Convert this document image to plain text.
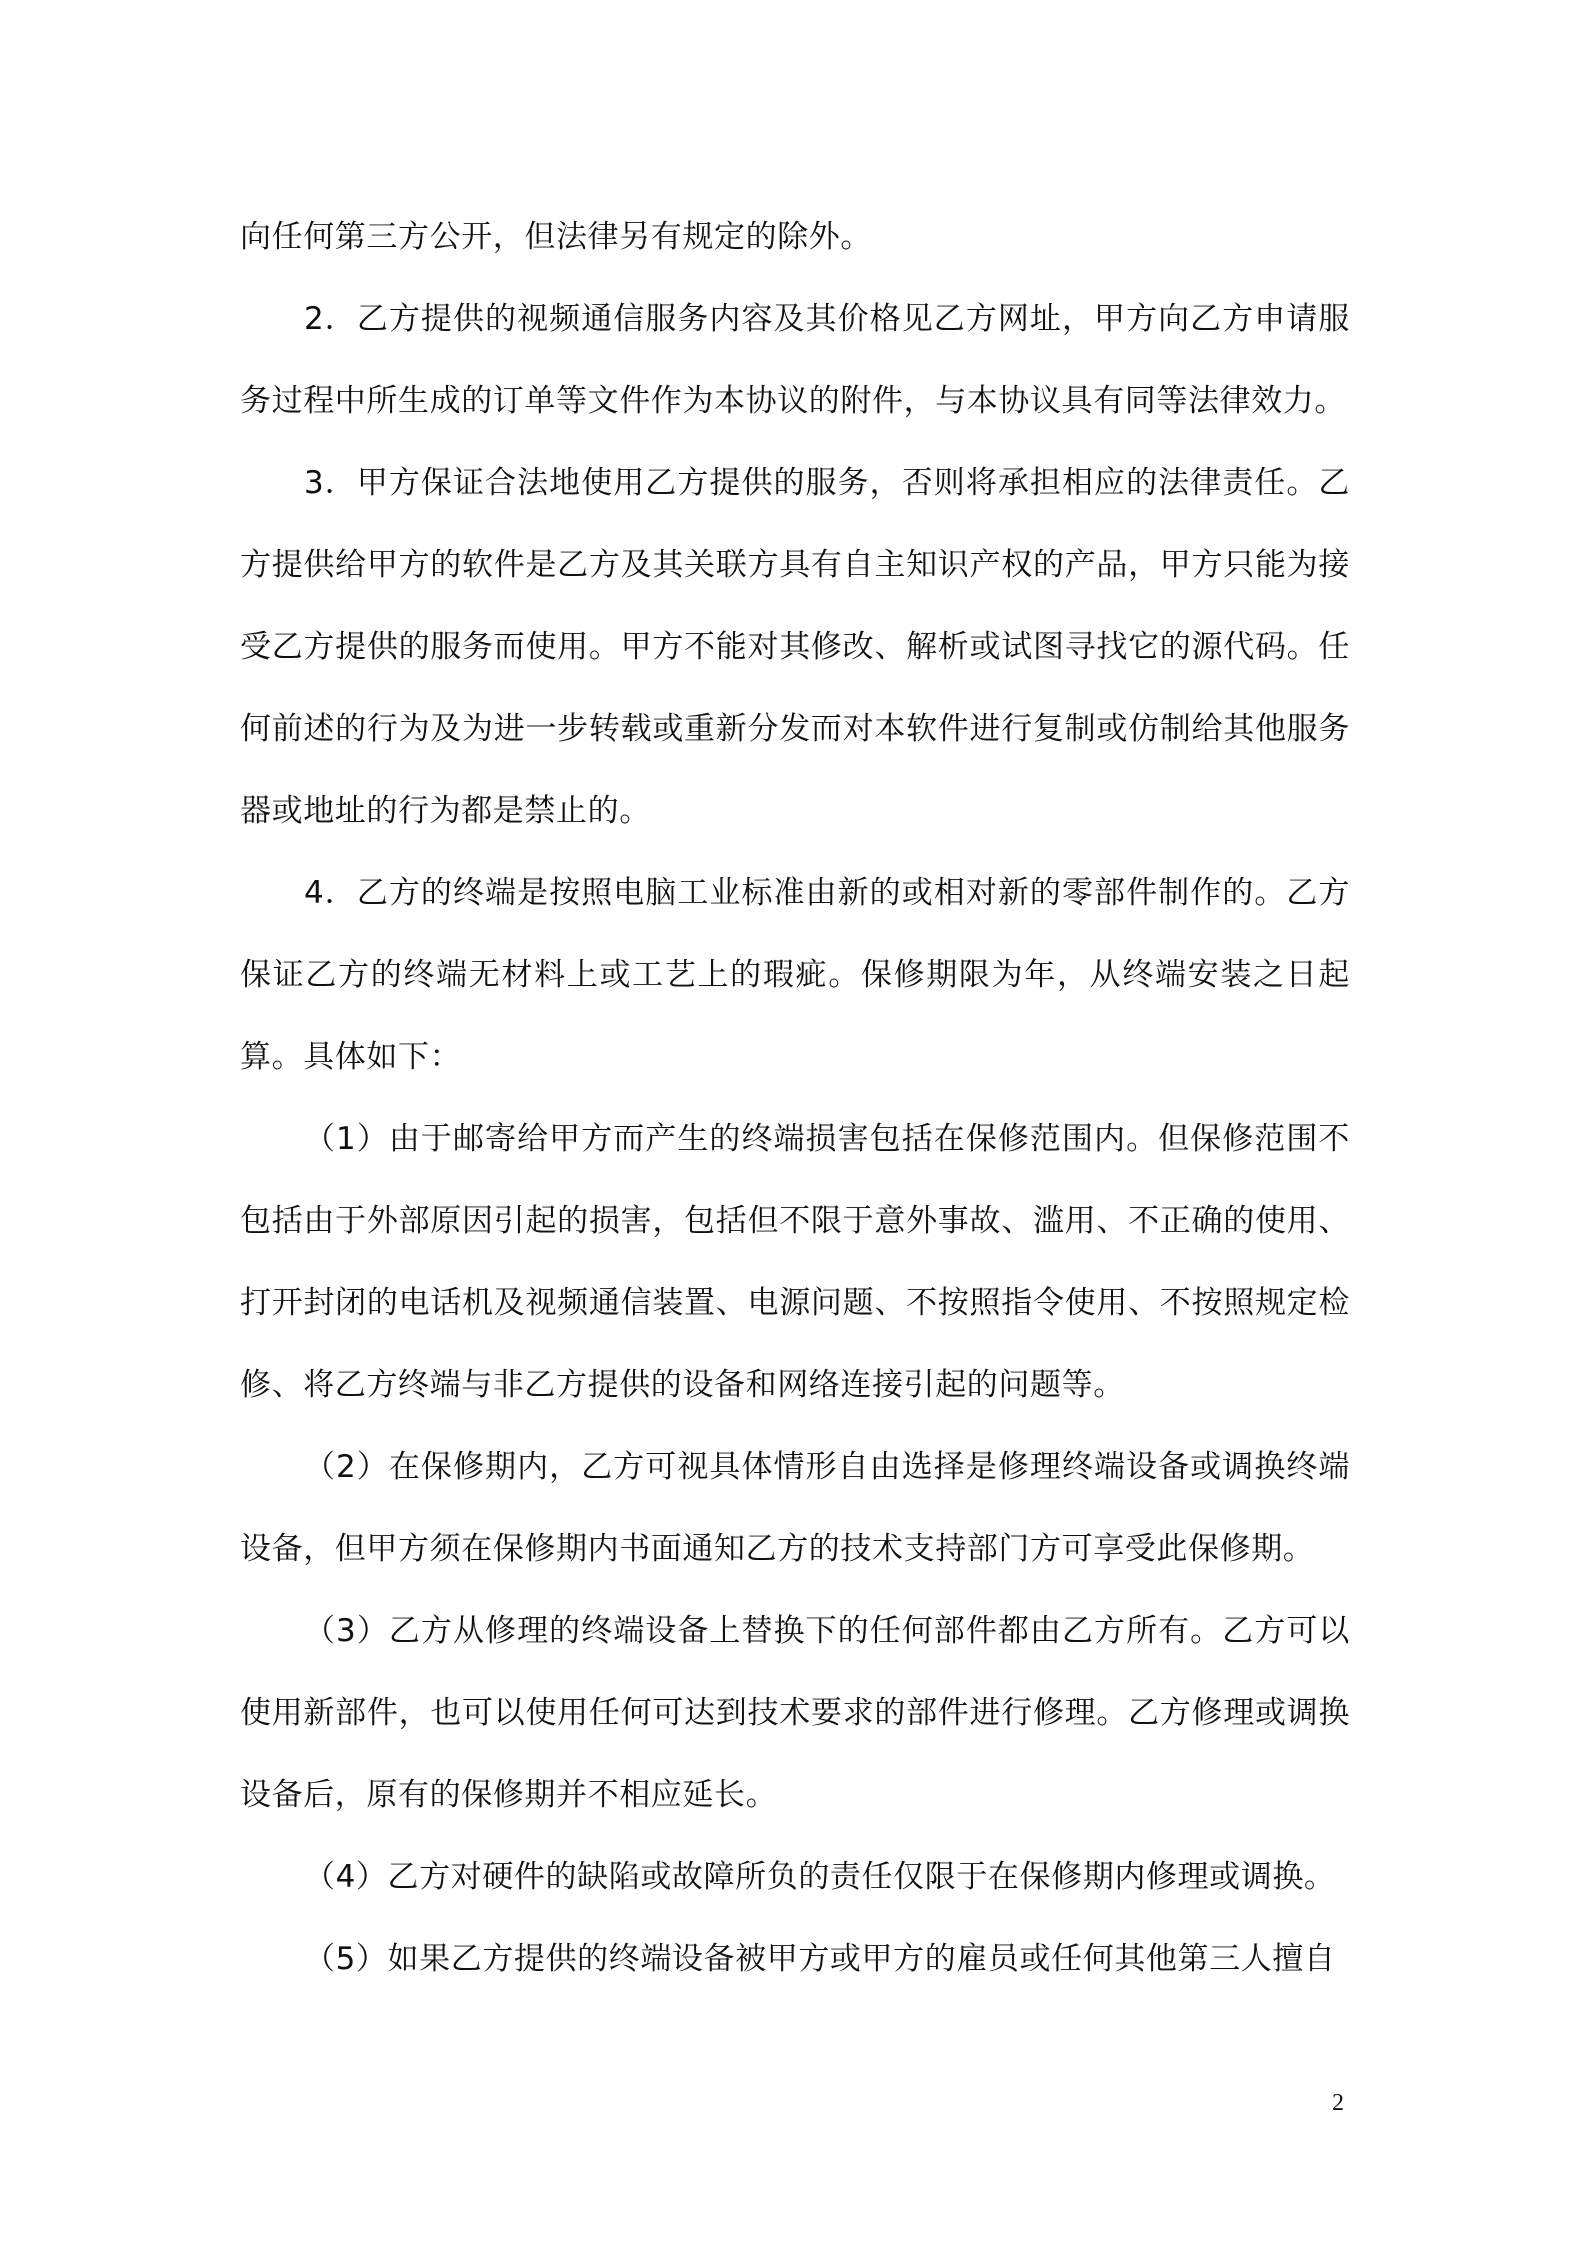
向任何第三方公开，但法律另有规定的除外。

2．乙方提供的视频通信服务内容及其价格见乙方网址，甲方向乙方申请服务过程中所生成的订单等文件作为本协议的附件，与本协议具有同等法律效力。

3．甲方保证合法地使用乙方提供的服务，否则将承担相应的法律责任。乙方提供给甲方的软件是乙方及其关联方具有自主知识产权的产品，甲方只能为接受乙方提供的服务而使用。甲方不能对其修改、解析或试图寻找它的源代码。任何前述的行为及为进一步转载或重新分发而对本软件进行复制或仿制给其他服务器或地址的行为都是禁止的。

4．乙方的终端是按照电脑工业标准由新的或相对新的零部件制作的。乙方保证乙方的终端无材料上或工艺上的瑕疵。保修期限为年，从终端安装之日起算。具体如下：

（1）由于邮寄给甲方而产生的终端损害包括在保修范围内。但保修范围不包括由于外部原因引起的损害，包括但不限于意外事故、滥用、不正确的使用、打开封闭的电话机及视频通信装置、电源问题、不按照指令使用、不按照规定检修、将乙方终端与非乙方提供的设备和网络连接引起的问题等。

（2）在保修期内，乙方可视具体情形自由选择是修理终端设备或调换终端设备，但甲方须在保修期内书面通知乙方的技术支持部门方可享受此保修期。

（3）乙方从修理的终端设备上替换下的任何部件都由乙方所有。乙方可以使用新部件，也可以使用任何可达到技术要求的部件进行修理。乙方修理或调换设备后，原有的保修期并不相应延长。

（4）乙方对硬件的缺陷或故障所负的责任仅限于在保修期内修理或调换。

（5）如果乙方提供的终端设备被甲方或甲方的雇员或任何其他第三人擅自

2
